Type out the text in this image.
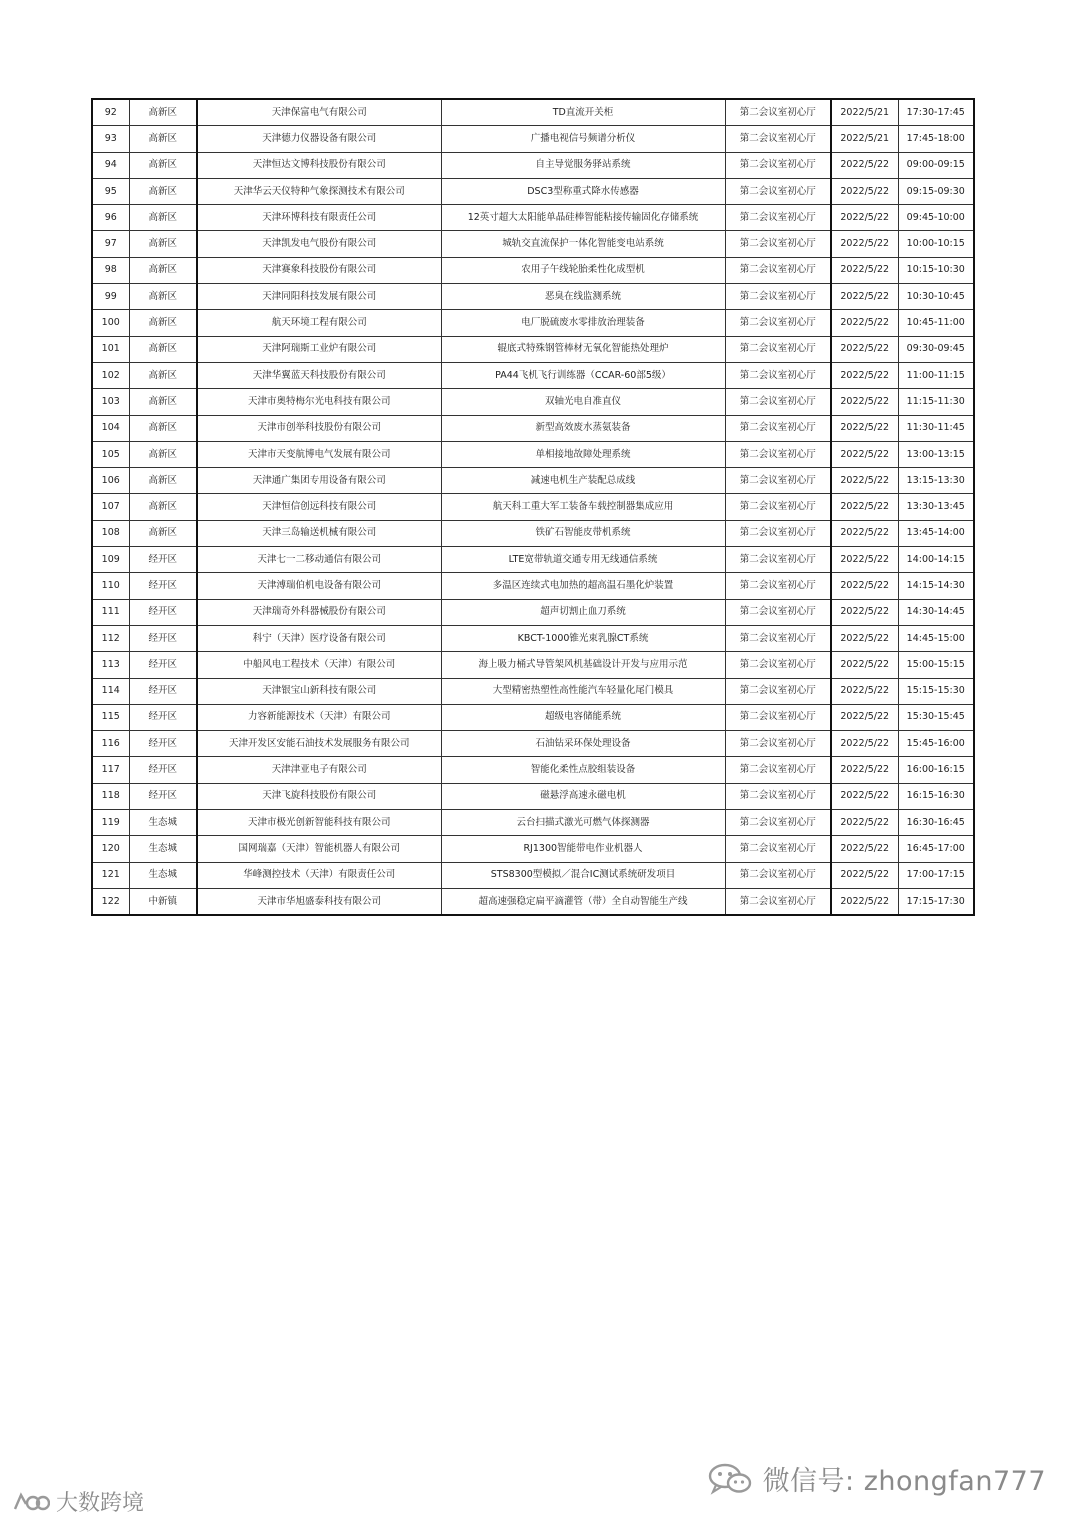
92	高新区	天津保富电气有限公司	TD直流开关柜	第二会议室初心厅	2022/5/21	17:30-17:45
93	高新区	天津德力仪器设备有限公司	广播电视信号频谱分析仪	第二会议室初心厅	2022/5/21	17:45-18:00
94	高新区	天津恒达文博科技股份有限公司	自主导觉服务驿站系统	第二会议室初心厅	2022/5/22	09:00-09:15
95	高新区	天津华云天仪特种气象探测技术有限公司	DSC3型称重式降水传感器	第二会议室初心厅	2022/5/22	09:15-09:30
96	高新区	天津环博科技有限责任公司	12英寸超大太阳能单晶硅棒智能粘接传输固化存储系统	第二会议室初心厅	2022/5/22	09:45-10:00
97	高新区	天津凯发电气股份有限公司	城轨交直流保护一体化智能变电站系统	第二会议室初心厅	2022/5/22	10:00-10:15
98	高新区	天津赛象科技股份有限公司	农用子午线轮胎柔性化成型机	第二会议室初心厅	2022/5/22	10:15-10:30
99	高新区	天津同阳科技发展有限公司	恶臭在线监测系统	第二会议室初心厅	2022/5/22	10:30-10:45
100	高新区	航天环境工程有限公司	电厂脱硫废水零排放治理装备	第二会议室初心厅	2022/5/22	10:45-11:00
101	高新区	天津阿瑞斯工业炉有限公司	辊底式特殊钢管棒材无氧化智能热处理炉	第二会议室初心厅	2022/5/22	09:30-09:45
102	高新区	天津华翼蓝天科技股份有限公司	PA44飞机飞行训练器（CCAR-60部5级）	第二会议室初心厅	2022/5/22	11:00-11:15
103	高新区	天津市奥特梅尔光电科技有限公司	双轴光电自准直仪	第二会议室初心厅	2022/5/22	11:15-11:30
104	高新区	天津市创举科技股份有限公司	新型高效废水蒸氨装备	第二会议室初心厅	2022/5/22	11:30-11:45
105	高新区	天津市天变航博电气发展有限公司	单相接地故障处理系统	第二会议室初心厅	2022/5/22	13:00-13:15
106	高新区	天津通广集团专用设备有限公司	减速电机生产装配总成线	第二会议室初心厅	2022/5/22	13:15-13:30
107	高新区	天津恒信创远科技有限公司	航天科工重大军工装备车载控制器集成应用	第二会议室初心厅	2022/5/22	13:30-13:45
108	高新区	天津三岛输送机械有限公司	铁矿石智能皮带机系统	第二会议室初心厅	2022/5/22	13:45-14:00
109	经开区	天津七一二移动通信有限公司	LTE宽带轨道交通专用无线通信系统	第二会议室初心厅	2022/5/22	14:00-14:15
110	经开区	天津溥瑞伯机电设备有限公司	多温区连续式电加热的超高温石墨化炉装置	第二会议室初心厅	2022/5/22	14:15-14:30
111	经开区	天津瑞奇外科器械股份有限公司	超声切割止血刀系统	第二会议室初心厅	2022/5/22	14:30-14:45
112	经开区	科宁（天津）医疗设备有限公司	KBCT-1000锥光束乳腺CT系统	第二会议室初心厅	2022/5/22	14:45-15:00
113	经开区	中船风电工程技术（天津）有限公司	海上吸力桶式导管架风机基础设计开发与应用示范	第二会议室初心厅	2022/5/22	15:00-15:15
114	经开区	天津银宝山新科技有限公司	大型精密热塑性高性能汽车轻量化尾门模具	第二会议室初心厅	2022/5/22	15:15-15:30
115	经开区	力容新能源技术（天津）有限公司	超级电容储能系统	第二会议室初心厅	2022/5/22	15:30-15:45
116	经开区	天津开发区安能石油技术发展服务有限公司	石油钻采环保处理设备	第二会议室初心厅	2022/5/22	15:45-16:00
117	经开区	天津津亚电子有限公司	智能化柔性点胶组装设备	第二会议室初心厅	2022/5/22	16:00-16:15
118	经开区	天津飞旋科技股份有限公司	磁悬浮高速永磁电机	第二会议室初心厅	2022/5/22	16:15-16:30
119	生态城	天津市极光创新智能科技有限公司	云台扫描式激光可燃气体探测器	第二会议室初心厅	2022/5/22	16:30-16:45
120	生态城	国网瑞嘉（天津）智能机器人有限公司	RJ1300智能带电作业机器人	第二会议室初心厅	2022/5/22	16:45-17:00
121	生态城	华峰测控技术（天津）有限责任公司	STS8300型模拟／混合IC测试系统研发项目	第二会议室初心厅	2022/5/22	17:00-17:15
122	中新镇	天津市华旭盛泰科技有限公司	超高速强稳定扁平滴灌管（带）全自动智能生产线	第二会议室初心厅	2022/5/22	17:15-17:30
微信号: zhongfan777
大数跨境
